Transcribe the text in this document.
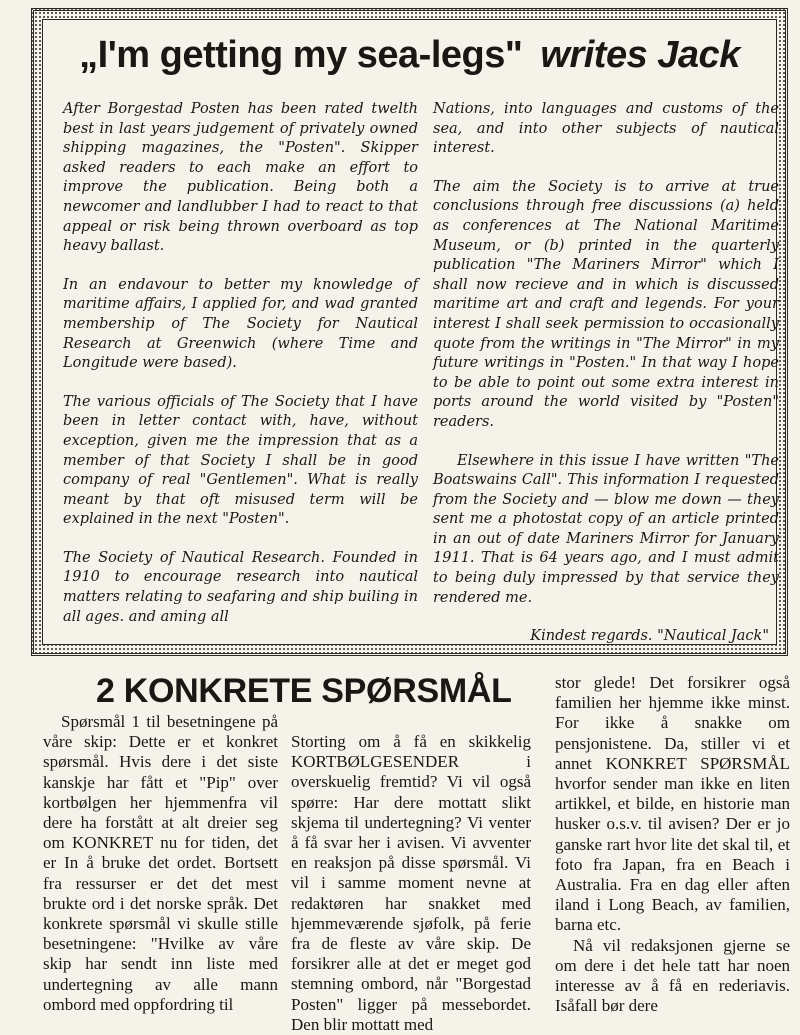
„I'm getting my sea-legs" writes Jack

After Borgestad Posten has been rated twelth best in last years judgement of privately owned shipping magazines, the "Posten". Skipper asked readers to each make an effort to improve the publication. Being both a newcomer and landlubber I had to react to that appeal or risk being thrown overboard as top heavy ballast.

In an endavour to better my knowledge of maritime affairs, I applied for, and wad granted membership of The Society for Nautical Research at Greenwich (where Time and Longitude were based).

The various officials of The Society that I have been in letter contact with, have, without exception, given me the impression that as a member of that Society I shall be in good company of real "Gentlemen". What is really meant by that oft misused term will be explained in the next "Posten".

The Society of Nautical Research. Founded in 1910 to encourage research into nautical matters relating to seafaring and ship builing in all ages. and aming all

Nations, into languages and customs of the sea, and into other subjects of nautical interest.

The aim the Society is to arrive at true conclusions through free discussions (a) held as conferences at The National Maritime Museum, or (b) printed in the quarterly publication "The Mariners Mirror" which I shall now recieve and in which is discussed maritime art and craft and legends. For your interest I shall seek permission to occasionally quote from the writings in "The Mirror" in my future writings in "Posten." In that way I hope to be able to point out some extra interest in ports around the world visited by "Posten" readers.

Elsewhere in this issue I have written "The Boatswains Call". This information I requested from the Society and — blow me down — they sent me a photostat copy of an article printed in an out of date Mariners Mirror for January 1911. That is 64 years ago, and I must admit to being duly impressed by that service they rendered me.

Kindest regards. "Nautical Jack"

2 KONKRETE SPØRSMÅL

Spørsmål 1 til besetningene på våre skip: Dette er et konkret spørsmål. Hvis dere i det siste kanskje har fått et "Pip" over kortbølgen her hjemmenfra vil dere ha forstått at alt dreier seg om KONKRET nu for tiden, det er In å bruke det ordet. Bortsett fra ressurser er det det mest brukte ord i det norske språk. Det konkrete spørsmål vi skulle stille besetningene: "Hvilke av våre skip har sendt inn liste med undertegning av alle mann ombord med oppfordring til

Storting om å få en skikkelig KORTBØLGESENDER i overskuelig fremtid? Vi vil også spørre: Har dere mottatt slikt skjema til undertegning? Vi venter å få svar her i avisen. Vi avventer en reaksjon på disse spørsmål. Vi vil i samme moment nevne at redaktøren har snakket med hjemmeværende sjøfolk, på ferie fra de fleste av våre skip. De forsikrer alle at det er meget god stemning ombord, når "Borgestad Posten" ligger på messebordet. Den blir mottatt med

stor glede! Det forsikrer også familien her hjemme ikke minst. For ikke å snakke om pensjonistene. Da, stiller vi et annet KONKRET SPØRSMÅL hvorfor sender man ikke en liten artikkel, et bilde, en historie man husker o.s.v. til avisen? Der er jo ganske rart hvor lite det skal til, et foto fra Japan, fra en Beach i Australia. Fra en dag eller aften iland i Long Beach, av familien, barna etc.

Nå vil redaksjonen gjerne se om dere i det hele tatt har noen interesse av å få en rederiavis. Isåfall bør dere
